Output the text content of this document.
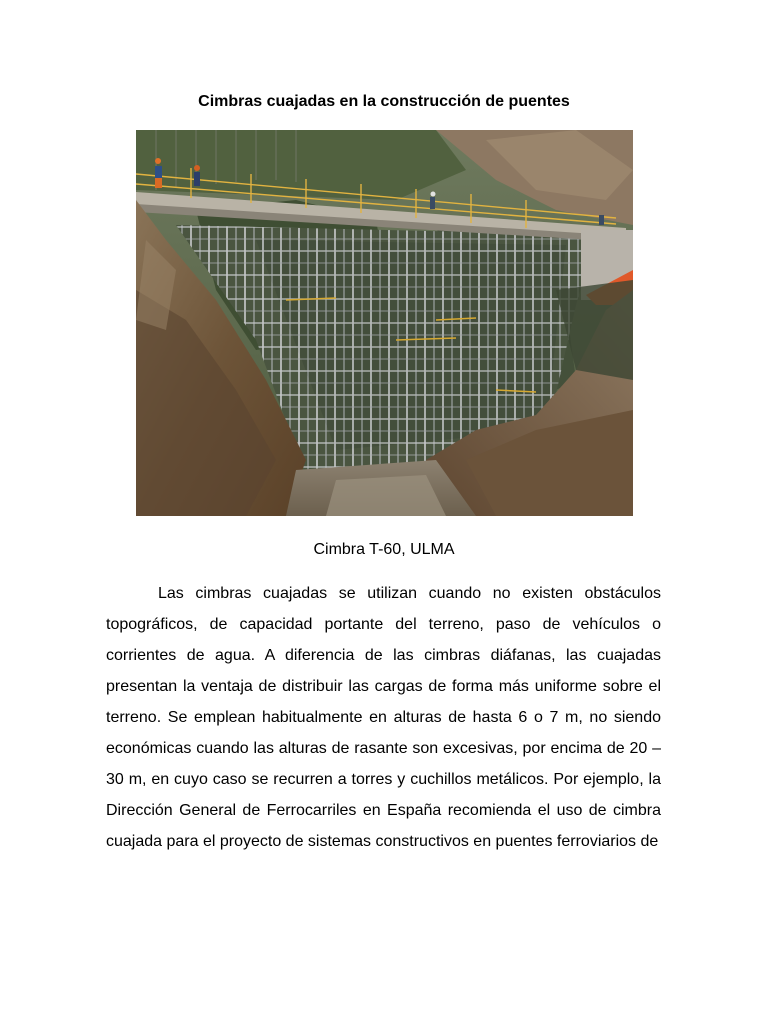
Cimbras cuajadas en la construcción de puentes
Cimbra T-60, ULMA

Las cimbras cuajadas se utilizan cuando no existen obstáculos topográficos, de capacidad portante del terreno, paso de vehículos o corrientes de agua. A diferencia de las cimbras diáfanas, las cuajadas presentan la ventaja de distribuir las cargas de forma más uniforme sobre el terreno. Se emplean habitualmente en alturas de hasta 6 o 7 m, no siendo económicas cuando las alturas de rasante son excesivas, por encima de 20 – 30 m, en cuyo caso se recurren a torres y cuchillos metálicos. Por ejemplo, la Dirección General de Ferrocarriles en España recomienda el uso de cimbra cuajada para el proyecto de sistemas constructivos en puentes ferroviarios de
